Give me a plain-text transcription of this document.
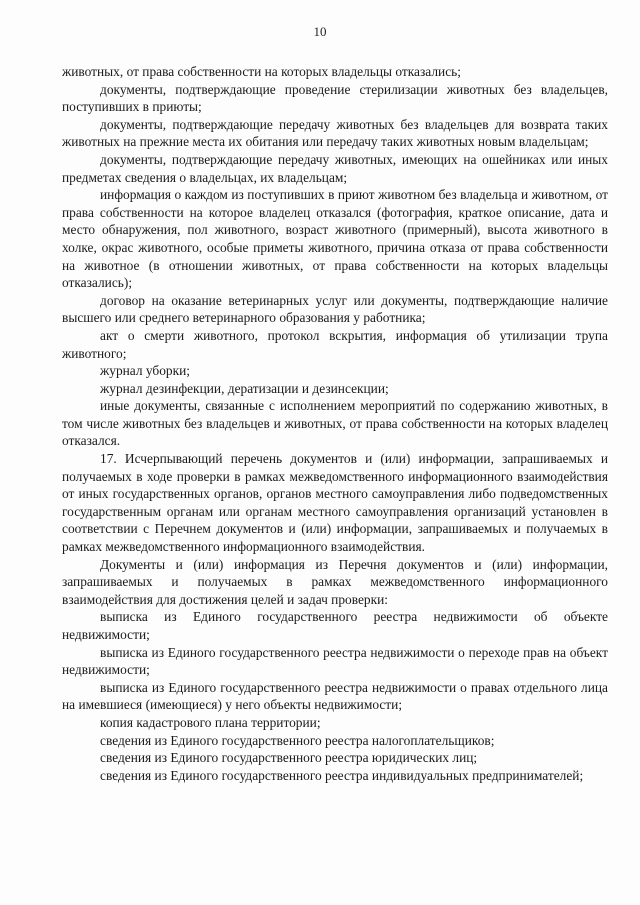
10

животных, от права собственности на которых владельцы отказались;

документы, подтверждающие проведение стерилизации животных без владельцев, поступивших в приюты;

документы, подтверждающие передачу животных без владельцев для возврата таких животных на прежние места их обитания или передачу таких животных новым владельцам;

документы, подтверждающие передачу животных, имеющих на ошейниках или иных предметах сведения о владельцах, их владельцам;

информация о каждом из поступивших в приют животном без владельца и животном, от права собственности на которое владелец отказался (фотография, краткое описание, дата и место обнаружения, пол животного, возраст животного (примерный), высота животного в холке, окрас животного, особые приметы животного, причина отказа от права собственности на животное (в отношении животных, от права собственности на которых владельцы отказались);

договор на оказание ветеринарных услуг или документы, подтверждающие наличие высшего или среднего ветеринарного образования у работника;

акт о смерти животного, протокол вскрытия, информация об утилизации трупа животного;

журнал уборки;

журнал дезинфекции, дератизации и дезинсекции;

иные документы, связанные с исполнением мероприятий по содержанию животных, в том числе животных без владельцев и животных, от права собственности на которых владелец отказался.

17. Исчерпывающий перечень документов и (или) информации, запрашиваемых и получаемых в ходе проверки в рамках межведомственного информационного взаимодействия от иных государственных органов, органов местного самоуправления либо подведомственных государственным органам или органам местного самоуправления организаций установлен в соответствии с Перечнем документов и (или) информации, запрашиваемых и получаемых в рамках межведомственного информационного взаимодействия.

Документы и (или) информация из Перечня документов и (или) информации, запрашиваемых и получаемых в рамках межведомственного информационного взаимодействия для достижения целей и задач проверки:

выписка из Единого государственного реестра недвижимости об объекте недвижимости;

выписка из Единого государственного реестра недвижимости о переходе прав на объект недвижимости;

выписка из Единого государственного реестра недвижимости о правах отдельного лица на имевшиеся (имеющиеся) у него объекты недвижимости;

копия кадастрового плана территории;

сведения из Единого государственного реестра налогоплательщиков;

сведения из Единого государственного реестра юридических лиц;

сведения из Единого государственного реестра индивидуальных предпринимателей;
